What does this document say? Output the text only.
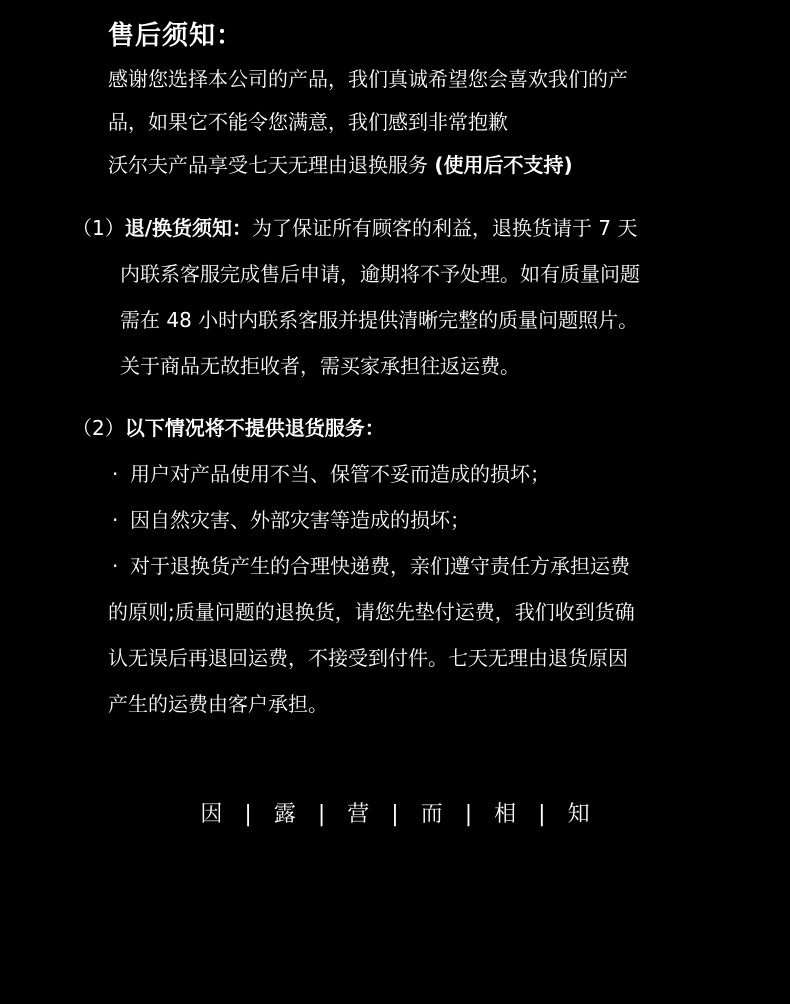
售后须知：

感谢您选择本公司的产品，我们真诚希望您会喜欢我们的产

品，如果它不能令您满意，我们感到非常抱歉

沃尔夫产品享受七天无理由退换服务 (使用后不支持)

（1）退/换货须知：为了保证所有顾客的利益，退换货请于 7 天

内联系客服完成售后申请，逾期将不予处理。如有质量问题

需在 48 小时内联系客服并提供清晰完整的质量问题照片。

关于商品无故拒收者，需买家承担往返运费。

（2）以下情况将不提供退货服务：

· 用户对产品使用不当、保管不妥而造成的损坏；

· 因自然灾害、外部灾害等造成的损坏；

· 对于退换货产生的合理快递费，亲们遵守责任方承担运费

的原则;质量问题的退换货，请您先垫付运费，我们收到货确

认无误后再退回运费，不接受到付件。七天无理由退货原因

产生的运费由客户承担。

因 | 露 | 营 | 而 | 相 | 知
